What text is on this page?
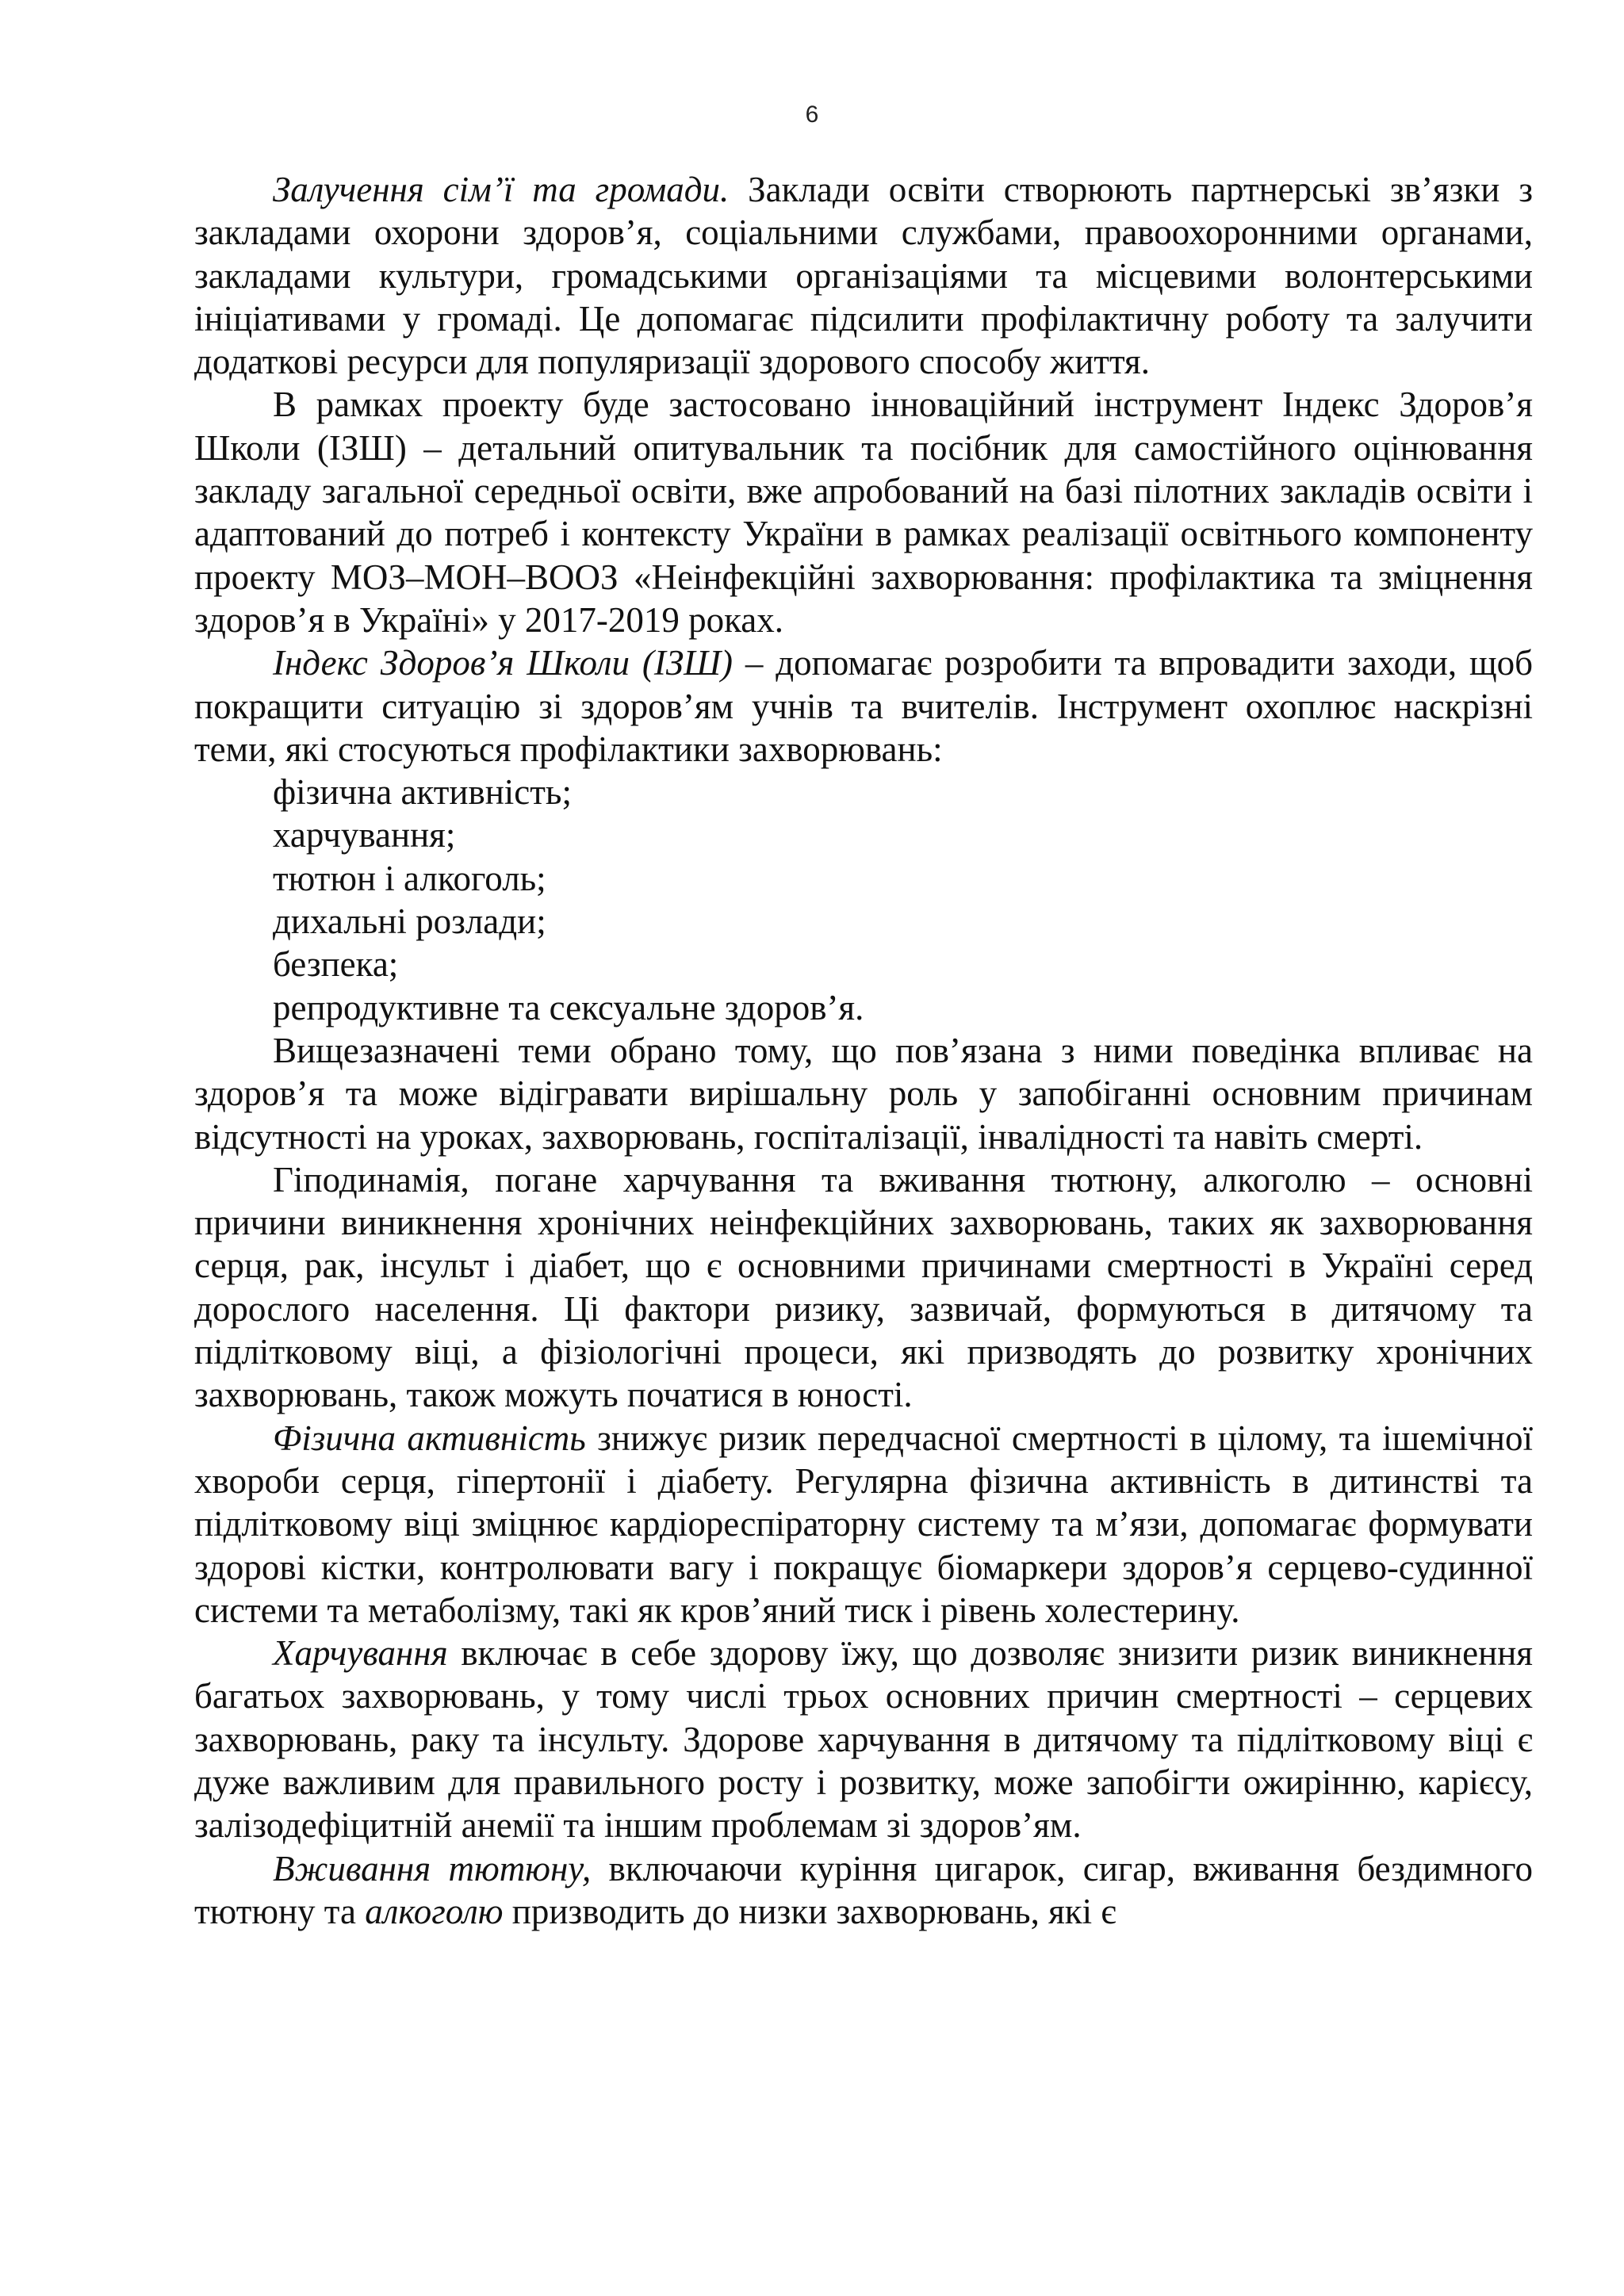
6

Залучення сім’ї та громади. Заклади освіти створюють партнерські зв’язки з закладами охорони здоров’я, соціальними службами, правоохоронними органами, закладами культури, громадськими організаціями та місцевими волонтерськими ініціативами у громаді. Це допомагає підсилити профілактичну роботу та залучити додаткові ресурси для популяризації здорового способу життя.

В рамках проекту буде застосовано інноваційний інструмент Індекс Здоров’я Школи (ІЗШ) – детальний опитувальник та посібник для самостійного оцінювання закладу загальної середньої освіти, вже апробований на базі пілотних закладів освіти і адаптований до потреб і контексту України в рамках реалізації освітнього компоненту проекту МОЗ–МОН–ВООЗ «Неінфекційні захворювання: профілактика та зміцнення здоров’я в Україні» у 2017-2019 роках.

Індекс Здоров’я Школи (ІЗШ) – допомагає розробити та впровадити заходи, щоб покращити ситуацію зі здоров’ям учнів та вчителів. Інструмент охоплює наскрізні теми, які стосуються профілактики захворювань:

фізична активність;
харчування;
тютюн і алкоголь;
дихальні розлади;
безпека;
репродуктивне та сексуальне здоров’я.

Вищезазначені теми обрано тому, що пов’язана з ними поведінка впливає на здоров’я та може відігравати вирішальну роль у запобіганні основним причинам відсутності на уроках, захворювань, госпіталізації, інвалідності та навіть смерті.

Гіподинамія, погане харчування та вживання тютюну, алкоголю – основні причини виникнення хронічних неінфекційних захворювань, таких як захворювання серця, рак, інсульт і діабет, що є основними причинами смертності в Україні серед дорослого населення. Ці фактори ризику, зазвичай, формуються в дитячому та підлітковому віці, а фізіологічні процеси, які призводять до розвитку хронічних захворювань, також можуть початися в юності.

Фізична активність знижує ризик передчасної смертності в цілому, та ішемічної хвороби серця, гіпертонії і діабету. Регулярна фізична активність в дитинстві та підлітковому віці зміцнює кардіореспіраторну систему та м’язи, допомагає формувати здорові кістки, контролювати вагу і покращує біомаркери здоров’я серцево-судинної системи та метаболізму, такі як кров’яний тиск і рівень холестерину.

Харчування включає в себе здорову їжу, що дозволяє знизити ризик виникнення багатьох захворювань, у тому числі трьох основних причин смертності – серцевих захворювань, раку та інсульту. Здорове харчування в дитячому та підлітковому віці є дуже важливим для правильного росту і розвитку, може запобігти ожирінню, карієсу, залізодефіцитній анемії та іншим проблемам зі здоров’ям.

Вживання тютюну, включаючи куріння цигарок, сигар, вживання бездимного тютюну та алкоголю призводить до низки захворювань, які є
